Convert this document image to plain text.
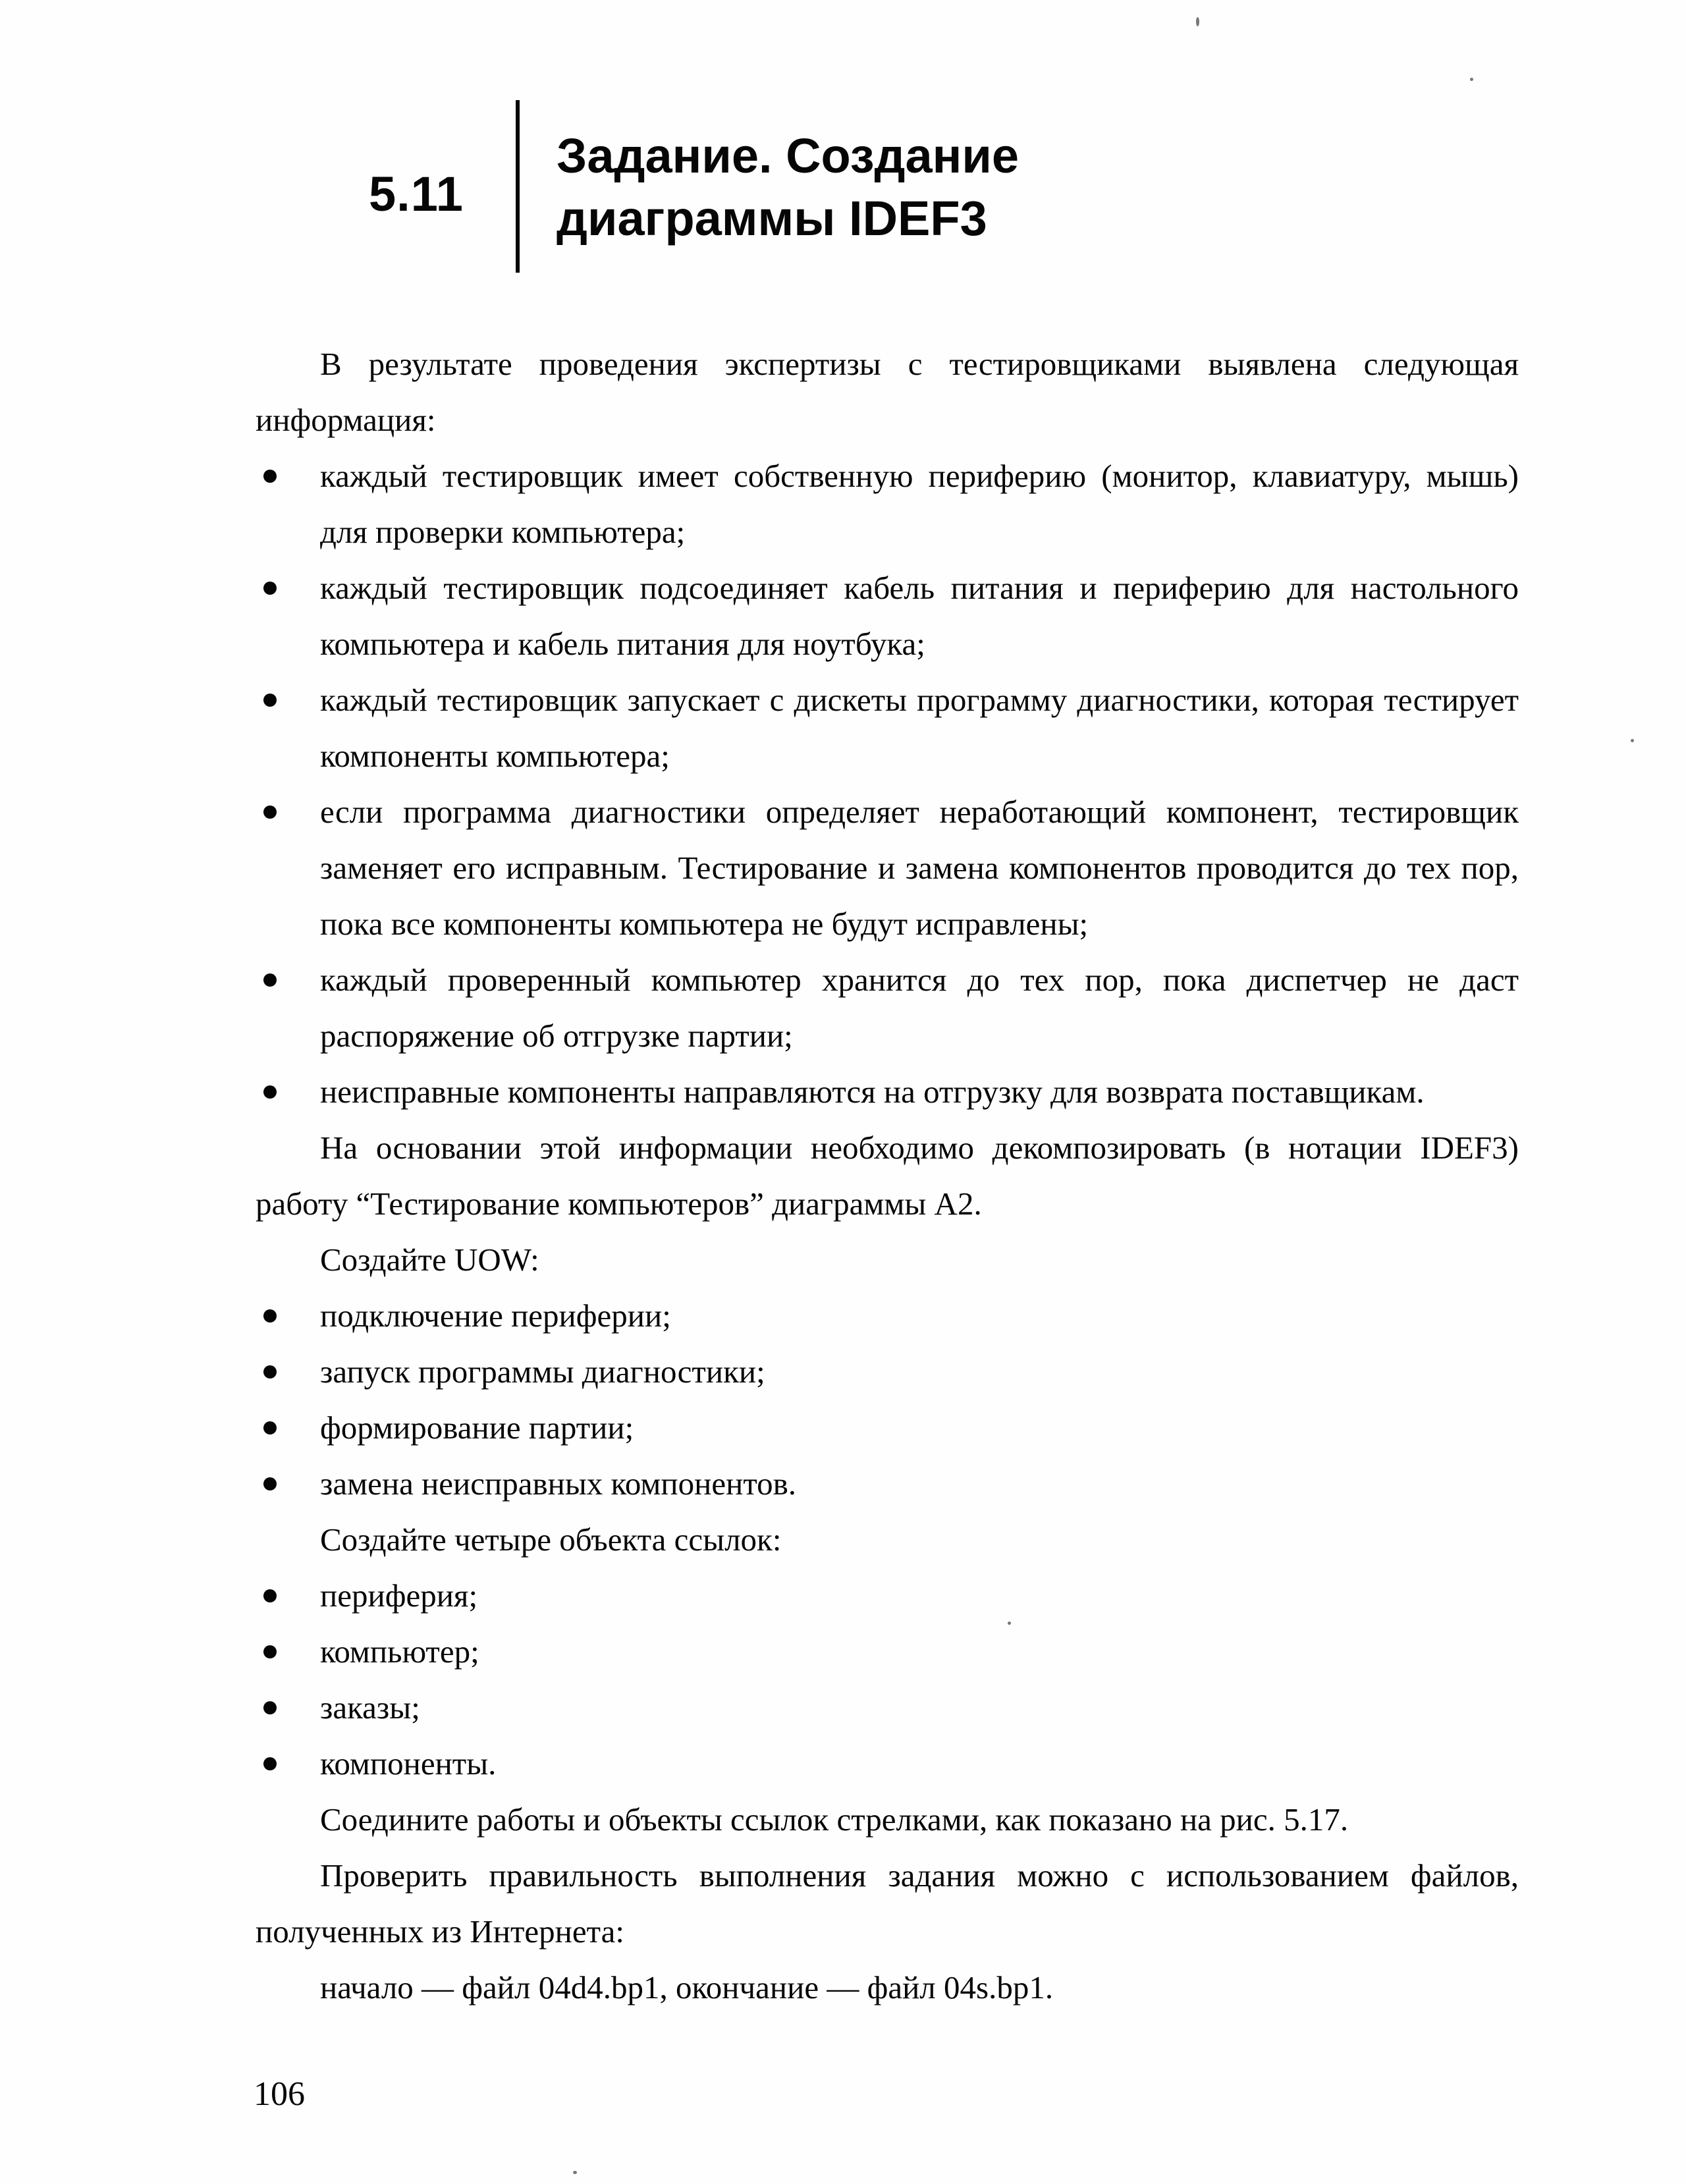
5.11
Задание. Создание
диаграммы IDEF3

В результате проведения экспертизы с тестировщиками выявлена следующая информация:

каждый тестировщик имеет собственную периферию (монитор, клавиатуру, мышь) для проверки компьютера;
каждый тестировщик подсоединяет кабель питания и периферию для настольного компьютера и кабель питания для ноутбука;
каждый тестировщик запускает с дискеты программу диагностики, которая тестирует компоненты компьютера;
если программа диагностики определяет неработающий компонент, тестировщик заменяет его исправным. Тестирование и замена компонентов проводится до тех пор, пока все компоненты компьютера не будут исправлены;
каждый проверенный компьютер хранится до тех пор, пока диспетчер не даст распоряжение об отгрузке партии;
неисправные компоненты направляются на отгрузку для возврата поставщикам.

На основании этой информации необходимо декомпозировать (в нотации IDEF3) работу “Тестирование компьютеров” диаграммы А2.

Создайте UOW:

подключение периферии;
запуск программы диагностики;
формирование партии;
замена неисправных компонентов.

Создайте четыре объекта ссылок:

периферия;
компьютер;
заказы;
компоненты.

Соедините работы и объекты ссылок стрелками, как показано на рис. 5.17.

Проверить правильность выполнения задания можно с использованием файлов, полученных из Интернета:

начало — файл 04d4.bp1, окончание — файл 04s.bp1.

106
